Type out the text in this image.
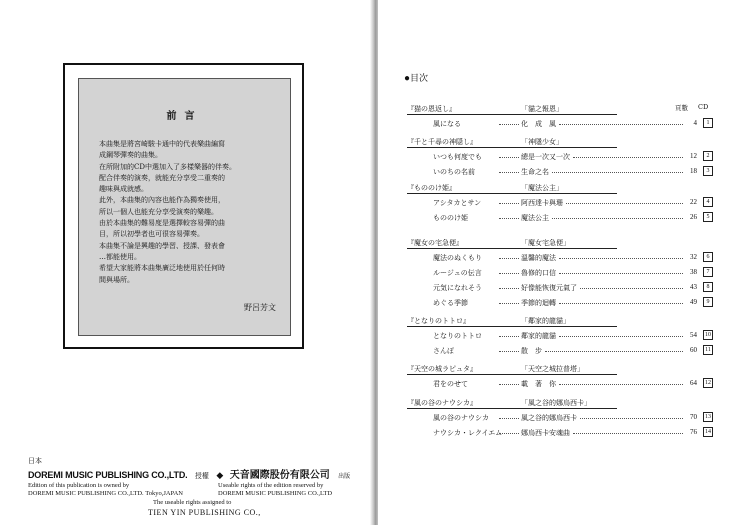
前言
本曲集是將宮崎駿卡通中的代表樂曲編寫
成鋼琴彈奏的曲集。
在所附加的CD中選加入了多樣樂器的伴奏。
配合伴奏的演奏，就能充分享受二重奏的
趣味與成就感。
此外，本曲集的內容也能作為獨奏使用，
所以一個人也能充分享受演奏的樂趣。
由於本曲集的難易度是選擇較容易彈的曲
目，所以初學者也可很容易彈奏。
本曲集不論是興趣的學習、授課、發表會
…都能使用。
希望大家能將本曲集廣泛地使用於任何時
間與場所。
野呂芳文
日本
DOREMI MUSIC PUBLISHING CO.,LTD. 授權 ◆ 天音國際股份有限公司 出版
Edition of this publication is owned by
DOREMI MUSIC PUBLISHING CO.,LTD. Tokyo,JAPAN
Useable rights of the edition reserved by
DOREMI MUSIC PUBLISHING CO.,LTD
The useable rights assigned to
TIEN YIN PUBLISHING CO.,
●目次
『猫の恩返し』	「貓之報恩」	頁數 CD
風になる	化　成　風	4	1
『千と千尋の神隠し』	「神隱少女」
いつも何度でも	總是一次又一次	12	2
いのちの名前	生命之名	18	3
『もののけ姫』	「魔法公主」
アシタカとサン	阿西達卡與珊	22	4
もののけ姫	魔法公主	26	5
『魔女の宅急便』	「魔女宅急便」
魔法のぬくもり	溫馨的魔法	32	6
ルージュの伝言	魯修的口信	38	7
元気になれそう	好像能恢復元氣了	43	8
めぐる季節	季節的迴轉	49	9
『となりのトトロ』	「鄰家的龍貓」
となりのトトロ	鄰家的龍貓	54	10
さんぽ	散　步	60	11
『天空の城ラピュタ』	「天空之城拉普塔」
君をのせて	載　著　你	64	12
『風の谷のナウシカ』	「風之谷的娜烏西卡」
風の谷のナウシカ	風之谷的娜烏西卡	70	13
ナウシカ・レクイエム	娜烏西卡安魂曲	76	14
